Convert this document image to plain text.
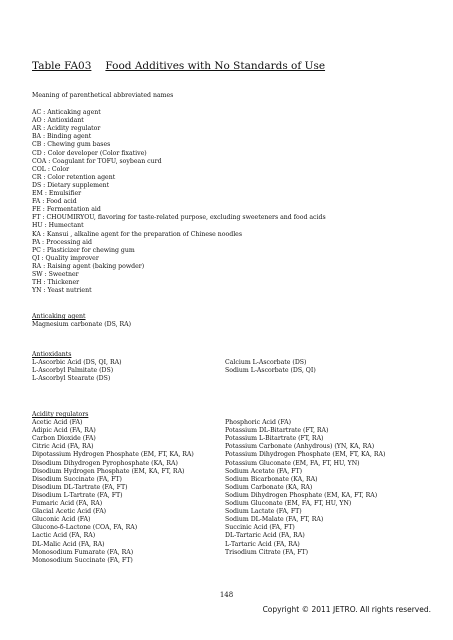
Table FA03 Food Additives with No Standards of Use
Meaning of parenthetical abbreviated names
AC : Anticaking agent
AO : Antioxidant
AR : Acidity regulator
BA : Binding agent
CB : Chewing gum bases
CD : Color developer (Color fixative)
COA : Coagulant for TOFU, soybean curd
COL : Color
CR : Color retention agent
DS : Dietary supplement
EM : Emulsifier
FA : Food acid
FE : Fermentation aid
FT : CHOUMIRYOU, flavoring for taste-related purpose, excluding sweeteners and food acids
HU : Humectant
KA : Kansui , alkaline agent for the preparation of Chinese noodles
PA : Processing aid
PC : Plasticizer for chewing gum
QI : Quality improver
RA : Raising agent (baking powder)
SW : Sweetner
TH : Thickener
YN : Yeast nutrient
Anticaking agent
Magnesium carbonate (DS, RA)
Antioxidants
L-Ascorbic Acid (DS, QI, RA)
L-Ascorbyl Palmitate (DS)
L-Ascorbyl Stearate (DS)
Calcium L-Ascorbate (DS)
Sodium L-Ascorbate (DS, QI)
Acidity regulators
Acetic Acid (FA)
Adipic Acid (FA, RA)
Carbon Dioxide (FA)
Citric Acid (FA, RA)
Dipotassium Hydrogen Phosphate (EM, FT, KA, RA)
Disodium Dihydrogen Pyrophosphate (KA, RA)
Disodium Hydrogen Phosphate (EM, KA, FT, RA)
Disodium Succinate (FA, FT)
Disodium DL-Tartrate (FA, FT)
Disodium L-Tartrate (FA, FT)
Fumaric Acid (FA, RA)
Glacial Acetic Acid (FA)
Gluconic Acid (FA)
Glucono-δ-Lactone (COA, FA, RA)
Lactic Acid (FA, RA)
DL-Malic Acid (FA, RA)
Monosodium Fumarate (FA, RA)
Monosodium Succinate (FA, FT)
Phosphoric Acid (FA)
Potassium DL-Bitartrate (FT, RA)
Potassium L-Bitartrate (FT, RA)
Potassium Carbonate (Anhydrous) (YN, KA, RA)
Potassium Dihydrogen Phosphate (EM, FT, KA, RA)
Potassium Gluconate (EM, FA, FT, HU, YN)
Sodium Acetate (FA, FT)
Sodium Bicarbonate (KA, RA)
Sodium Carbonate (KA, RA)
Sodium Dihydrogen Phosphate (EM, KA, FT, RA)
Sodium Gluconate (EM, FA, FT, HU, YN)
Sodium Lactate (FA, FT)
Sodium DL-Malate (FA, FT, RA)
Succinic Acid (FA, FT)
DL-Tartaric Acid (FA, RA)
L-Tartaric Acid (FA, RA)
Trisodium Citrate (FA, FT)
148
Copyright © 2011 JETRO. All rights reserved.
